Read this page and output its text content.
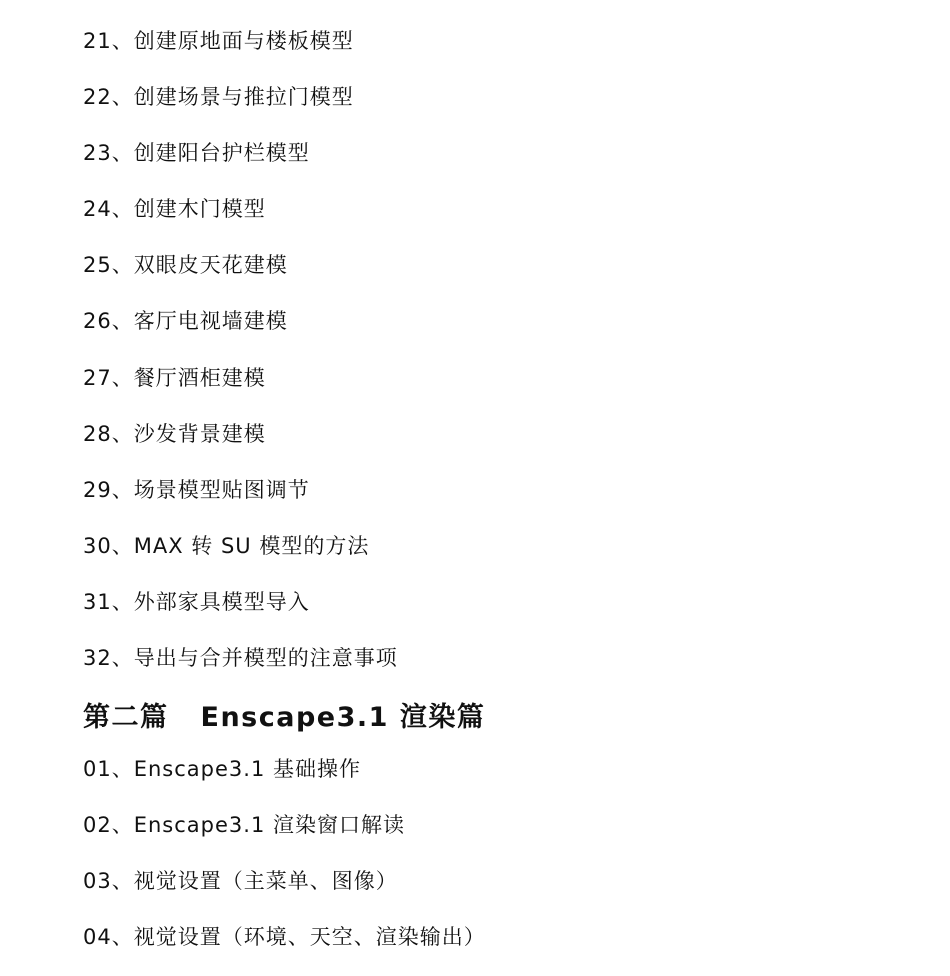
21、创建原地面与楼板模型
22、创建场景与推拉门模型
23、创建阳台护栏模型
24、创建木门模型
25、双眼皮天花建模
26、客厅电视墙建模
27、餐厅酒柜建模
28、沙发背景建模
29、场景模型贴图调节
30、MAX 转 SU 模型的方法
31、外部家具模型导入
32、导出与合并模型的注意事项
第二篇 Enscape3.1 渲染篇
01、Enscape3.1 基础操作
02、Enscape3.1 渲染窗口解读
03、视觉设置（主菜单、图像）
04、视觉设置（环境、天空、渲染输出）
